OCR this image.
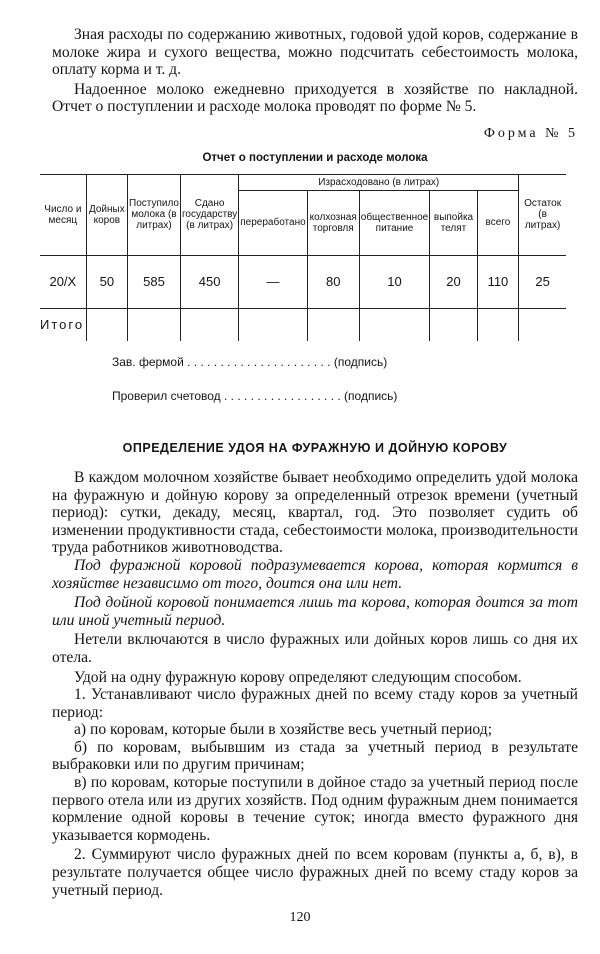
Зная расходы по содержанию животных, годовой удой коров, содержание в молоке жира и сухого вещества, можно подсчитать себестоимость молока, оплату корма и т. д.

Надоенное молоко ежедневно приходуется в хозяйстве по накладной. Отчет о поступлении и расходе молока проводят по форме № 5.

Форма № 5
Отчет о поступлении и расходе молока
Число и месяц	Дойных коров	Поступило молока (в литрах)	Сдано государству (в литрах)	Израсходовано (в литрах)					Остаток (в литрах)
				переработано	колхозная торговля	общественное питание	выпойка телят	всего	
20/X	50	585	450	—	80	10	20	110	25
Итого									
Зав. фермой . . . . . . . . . . . . . . . . . . . . . . (подпись)
Проверил счетовод . . . . . . . . . . . . . . . . . . (подпись)
ОПРЕДЕЛЕНИЕ УДОЯ НА ФУРАЖНУЮ И ДОЙНУЮ КОРОВУ

В каждом молочном хозяйстве бывает необходимо определить удой молока на фуражную и дойную корову за определенный отрезок времени (учетный период): сутки, декаду, месяц, квартал, год. Это позволяет судить об изменении продуктивности стада, себестоимости молока, производительности труда работников животноводства.

Под фуражной коровой подразумевается корова, которая кормится в хозяйстве независимо от того, доится она или нет.

Под дойной коровой понимается лишь та корова, которая доится за тот или иной учетный период.

Нетели включаются в число фуражных или дойных коров лишь со дня их отела.

Удой на одну фуражную корову определяют следующим способом.

1. Устанавливают число фуражных дней по всему стаду коров за учетный период:

а) по коровам, которые были в хозяйстве весь учетный период;

б) по коровам, выбывшим из стада за учетный период в результате выбраковки или по другим причинам;

в) по коровам, которые поступили в дойное стадо за учетный период после первого отела или из других хозяйств. Под одним фуражным днем понимается кормление одной коровы в течение суток; иногда вместо фуражного дня указывается кормодень.

2. Суммируют число фуражных дней по всем коровам (пункты а, б, в), в результате получается общее число фуражных дней по всему стаду коров за учетный период.

120
